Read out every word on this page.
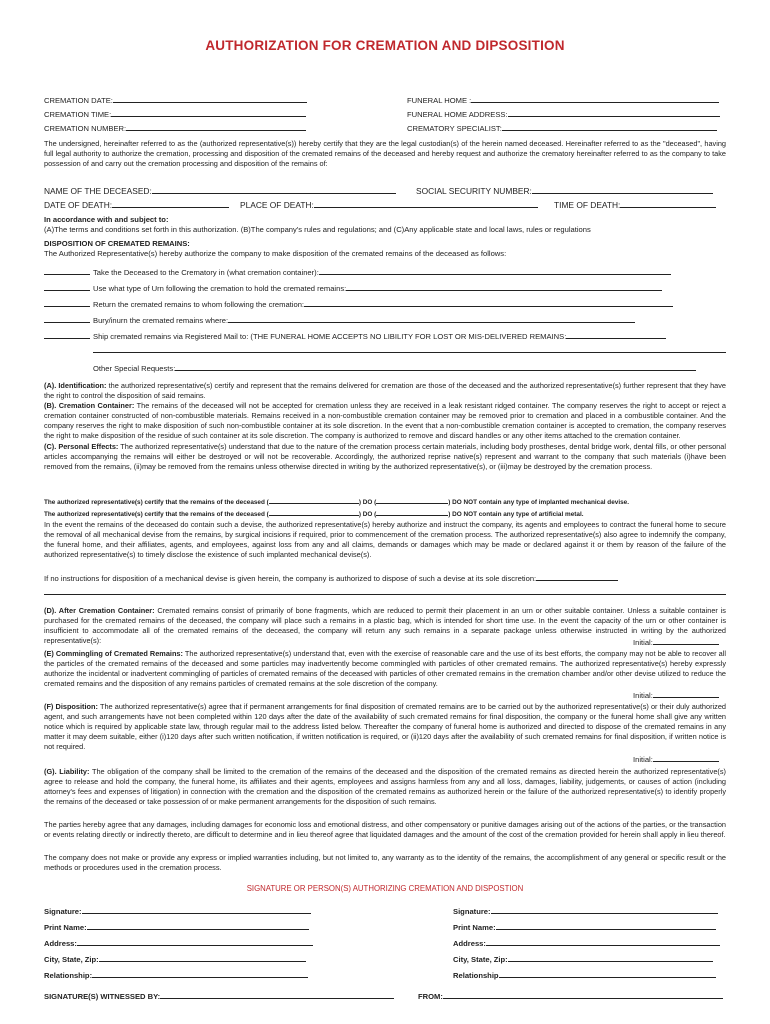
AUTHORIZATION FOR CREMATION AND DIPSOSITION
CREMATION DATE:
CREMATION TIME:
CREMATION NUMBER:
FUNERAL HOME :
FUNERAL HOME ADDRESS:
CREMATORY SPECIALIST:
The undersigned, hereinafter referred to as the (authorized representative(s)) hereby certify that they are the legal custodian(s) of the herein named deceased. Hereinafter referred to as the "deceased", having full legal authority to authorize the cremation, processing and disposition of the cremated remains of the deceased and hereby request and authorize the crematory hereinafter referred to as the company to take possession of and carry out the cremation processing and disposition of the remains of:
NAME OF THE DECEASED:	SOCIAL SECURITY NUMBER:
DATE OF DEATH:	PLACE OF DEATH:	TIME OF DEATH:
In accordance with and subject to:
(A)The terms and conditions set forth in this authorization. (B)The company's rules and regulations; and (C)Any applicable state and local laws, rules or regulations
DISPOSITION OF CREMATED REMAINS:
The Authorized Representative(s) hereby authorize the company to make disposition of the cremated remains of the deceased as follows:
Take the Deceased to the Crematory in (what cremation container):
Use what type of Urn following the cremation to hold the cremated remains:
Return the cremated remains to whom following the cremation:
Bury/inurn the cremated remains where:
Ship cremated remains via Registered Mail to: (THE FUNERAL HOME ACCEPTS NO LIBILITY FOR LOST OR MIS-DELIVERED REMAINS:
Other Special Requests:
(A). Identification: the authorized representative(s) certify and represent that the remains delivered for cremation are those of the deceased and the authorized representative(s) further represent that they have the right to control the disposition of said remains.
(B). Cremation Container: The remains of the deceased will not be accepted for cremation unless they are received in a leak resistant ridged container. The company reserves the right to accept or reject a cremation container constructed of non-combustible materials. Remains received in a non-combustible cremation container may be removed prior to cremation and placed in a combustible container. And the company reserves the right to make disposition of such non-combustible container at its sole discretion. In the event that a non-combustible cremation container is accepted to cremation, the company reserves the right to make disposition of the residue of such container at its sole discretion. The company is authorized to remove and discard handles or any other items attached to the cremation container.
(C). Personal Effects: The authorized representative(s) understand that due to the nature of the cremation process certain materials, including body prostheses, dental bridge work, dental fills, or other personal articles accompanying the remains will either be destroyed or will not be recoverable. Accordingly, the authorized reprise native(s) represent and warrant to the company that such materials (i)have been removed from the remains, (ii)may be removed from the remains unless otherwise directed in writing by the authorized representative(s), or (iii)may be destroyed by the cremation process.
The authorized representative(s) certify that the remains of the deceased (	) DO (	) DO NOT contain any type of implanted mechanical devise.
The authorized representative(s) certify that the remains of the deceased (	) DO (	) DO NOT contain any type of artificial metal.
In the event the remains of the deceased do contain such a devise, the authorized representative(s) hereby authorize and instruct the company, its agents and employees to contract the funeral home to secure the removal of all mechanical devise from the remains, by surgical incisions if required, prior to commencement of the cremation process. The authorized representative(s) also agree to indemnify the company, the funeral home, and their affiliates, agents, and employees, against loss from any and all claims, demands or damages which may be made or declared against it or them by reason of the failure of the authorized representative(s) to timely disclose the existence of such implanted mechanical devise(s).
If no instructions for disposition of a mechanical devise is given herein, the company is authorized to dispose of such a devise at its sole discretion:
(D). After Cremation Container: Cremated remains consist of primarily of bone fragments, which are reduced to permit their placement in an urn or other suitable container. Unless a suitable container is purchased for the cremated remains of the deceased, the company will place such a remains in a plastic bag, which is intended for short time use. In the event the capacity of the urn or other container is insufficient to accommodate all of the cremated remains of the deceased, the company will return any such remains in a separate package unless otherwise instructed in writing by the authorized representative(s):	Initial:
(E) Commingling of Cremated Remains: The authorized representative(s) understand that, even with the exercise of reasonable care and the use of its best efforts, the company may not be able to recover all the particles of the cremated remains of the deceased and some particles may inadvertently become commingled with particles of other cremated remains. The authorized representative(s) hereby expressly authorize the incidental or inadvertent commingling of particles of cremated remains of the deceased with particles of other cremated remains in the cremation chamber and/or other devise utilized to reduce the cremated remains and the disposition of any remains particles of cremated remains at the sole discretion of the company.
Initial:
(F) Disposition: The authorized representative(s) agree that if permanent arrangements for final disposition of cremated remains are to be carried out by the authorized representative(s) or their duly authorized agent, and such arrangements have not been completed within 120 days after the date of the availability of such cremated remains for final disposition, the company or the funeral home shall give any written notice which is required by applicable state law, through regular mail to the address listed below. Thereafter the company of funeral home is authorized and directed to dispose of the cremated remains in any matter it may deem suitable, either (i)120 days after such written notification, if written notification is required, or (ii)120 days after the availability of such cremated remains for final disposition, if written notice is not required.
Initial:
(G). Liability: The obligation of the company shall be limited to the cremation of the remains of the deceased and the disposition of the cremated remains as directed herein the authorized representative(s) agree to release and hold the company, the funeral home, its affiliates and their agents, employees and assigns harmless from any and all loss, damages, liability, judgements, or causes of action (including attorney's fees and expenses of litigation) in connection with the cremation and the disposition of the cremated remains as authorized herein or the failure of the authorized representative(s) to identify properly the remains of the deceased or take possession of or make permanent arrangements for the disposition of such remains.
The parties hereby agree that any damages, including damages for economic loss and emotional distress, and other compensatory or punitive damages arising out of the actions of the parties, or the transaction or events relating directly or indirectly thereto, are difficult to determine and in lieu thereof agree that liquidated damages and the amount of the cost of the cremation provided for herein shall apply in lieu thereof.
The company does not make or provide any express or implied warranties including, but not limited to, any warranty as to the identity of the remains, the accomplishment of any general or specific result or the methods or procedures used in the cremation process.
SIGNATURE OR PERSON(S) AUTHORIZING CREMATION AND DISPOSTION
Signature:
Print Name:
Address:
City, State, Zip:
Relationship:
Signature:
Print Name:
Address:
City, State, Zip:
Relationship
SIGNATURE(S) WITNESSED BY:	FROM:
